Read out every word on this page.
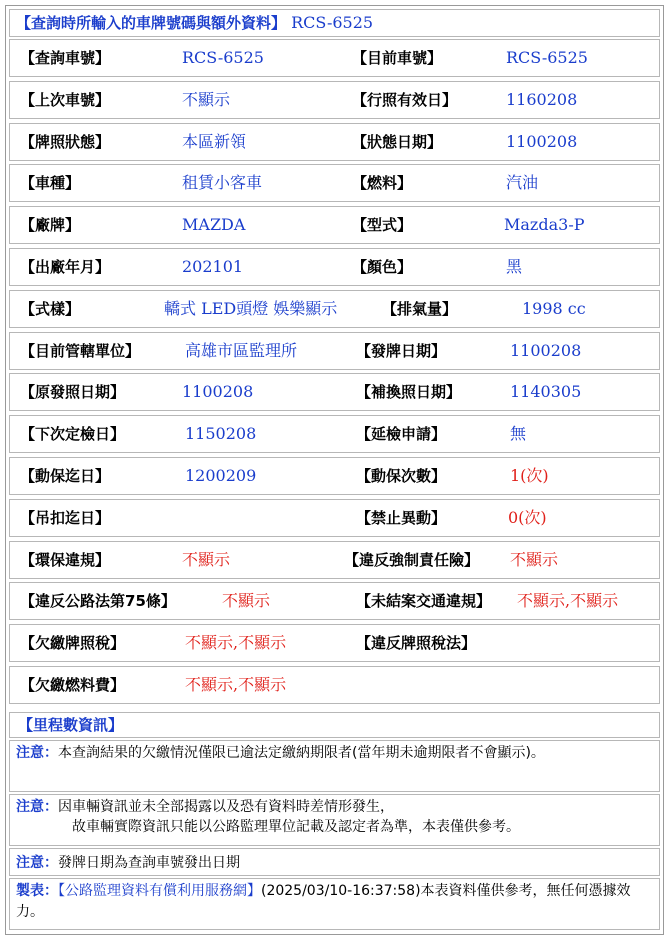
【查詢時所輸入的車牌號碼與額外資料】 RCS-6525
【查詢車號】	RCS-6525	【目前車號】	RCS-6525
【上次車號】	不顯示	【行照有效日】	1160208
【牌照狀態】	本區新領	【狀態日期】	1100208
【車種】	租賃小客車	【燃料】	汽油
【廠牌】	MAZDA	【型式】	Mazda3-P
【出廠年月】	202101	【顏色】	黑
【式樣】	轎式 LED頭燈 娛樂顯示	【排氣量】	1998 cc
【目前管轄單位】	高雄市區監理所	【發牌日期】	1100208
【原發照日期】	1100208	【補換照日期】	1140305
【下次定檢日】	1150208	【延檢申請】	無
【動保迄日】	1200209	【動保次數】	1(次)
【吊扣迄日】	【禁止異動】	0(次)
【環保違規】	不顯示	【違反強制責任險】 不顯示
【違反公路法第75條】	不顯示	【未結案交通違規】 不顯示,不顯示
【欠繳牌照稅】	不顯示,不顯示	【違反牌照稅法】
【欠繳燃料費】	不顯示,不顯示
【里程數資訊】
注意：本查詢結果的欠繳情況僅限已逾法定繳納期限者(當年期未逾期限者不會顯示)。
注意：因車輛資訊並未全部揭露以及恐有資料時差情形發生，
故車輛實際資訊只能以公路監理單位記載及認定者為準，本表僅供參考。
注意：發牌日期為查詢車號發出日期
製表：【公路監理資料有償利用服務網】(2025/03/10-16:37:58)本表資料僅供參考，無任何憑據效力。
